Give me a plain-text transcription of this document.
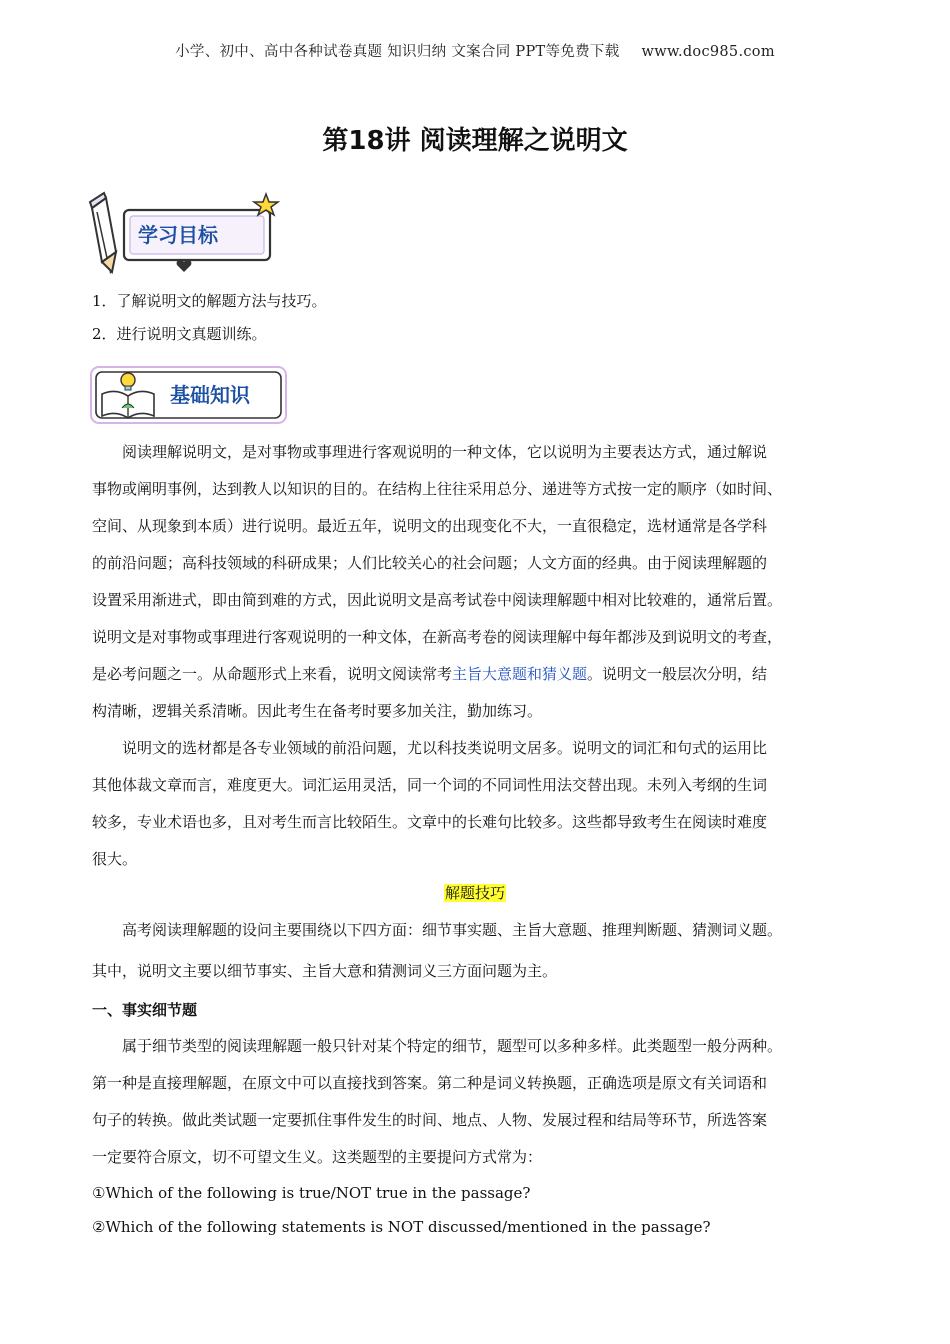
小学、初中、高中各种试卷真题 知识归纳 文案合同 PPT等免费下载 www.doc985.com
第18讲 阅读理解之说明文
学习目标
1．了解说明文的解题方法与技巧。
2．进行说明文真题训练。
基础知识
　　阅读理解说明文，是对事物或事理进行客观说明的一种文体，它以说明为主要表达方式，通过解说
事物或阐明事例，达到教人以知识的目的。在结构上往往采用总分、递进等方式按一定的顺序（如时间、
空间、从现象到本质）进行说明。最近五年，说明文的出现变化不大，一直很稳定，选材通常是各学科
的前沿问题；高科技领域的科研成果；人们比较关心的社会问题；人文方面的经典。由于阅读理解题的
设置采用渐进式，即由简到难的方式，因此说明文是高考试卷中阅读理解题中相对比较难的，通常后置。
说明文是对事物或事理进行客观说明的一种文体，在新高考卷的阅读理解中每年都涉及到说明文的考查，
是必考问题之一。从命题形式上来看，说明文阅读常考主旨大意题和猜义题。说明文一般层次分明，结
构清晰，逻辑关系清晰。因此考生在备考时要多加关注，勤加练习。
　　说明文的选材都是各专业领域的前沿问题，尤以科技类说明文居多。说明文的词汇和句式的运用比
其他体裁文章而言，难度更大。词汇运用灵活，同一个词的不同词性用法交替出现。未列入考纲的生词
较多，专业术语也多，且对考生而言比较陌生。文章中的长难句比较多。这些都导致考生在阅读时难度
很大。
解题技巧
　　高考阅读理解题的设问主要围绕以下四方面：细节事实题、主旨大意题、推理判断题、猜测词义题。
其中，说明文主要以细节事实、主旨大意和猜测词义三方面问题为主。
一、事实细节题
　　属于细节类型的阅读理解题一般只针对某个特定的细节，题型可以多种多样。此类题型一般分两种。
第一种是直接理解题，在原文中可以直接找到答案。第二种是词义转换题，正确选项是原文有关词语和
句子的转换。做此类试题一定要抓住事件发生的时间、地点、人物、发展过程和结局等环节，所选答案
一定要符合原文，切不可望文生义。这类题型的主要提问方式常为：
①Which of the following is true/NOT true in the passage?
②Which of the following statements is NOT discussed/mentioned in the passage?
